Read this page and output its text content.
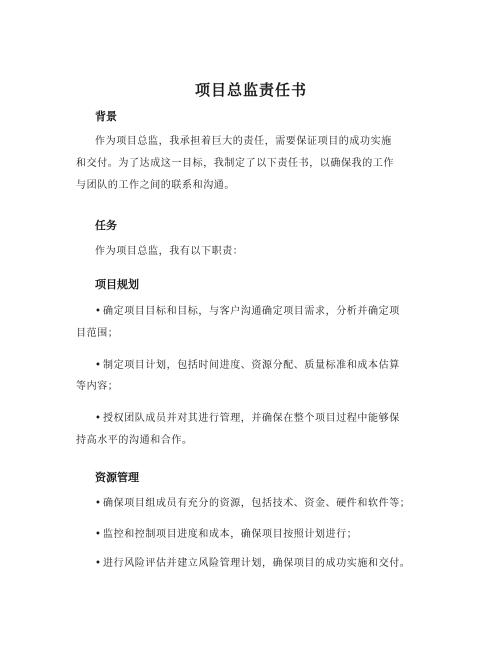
项目总监责任书
背景

作为项目总监，我承担着巨大的责任，需要保证项目的成功实施

和交付。为了达成这一目标，我制定了以下责任书，以确保我的工作

与团队的工作之间的联系和沟通。

任务

作为项目总监，我有以下职责：

项目规划

• 确定项目目标和目标，与客户沟通确定项目需求，分析并确定项

目范围；

• 制定项目计划，包括时间进度、资源分配、质量标准和成本估算

等内容；

• 授权团队成员并对其进行管理，并确保在整个项目过程中能够保

持高水平的沟通和合作。

资源管理

• 确保项目组成员有充分的资源，包括技术、资金、硬件和软件等；

• 监控和控制项目进度和成本，确保项目按照计划进行；

• 进行风险评估并建立风险管理计划，确保项目的成功实施和交付。
